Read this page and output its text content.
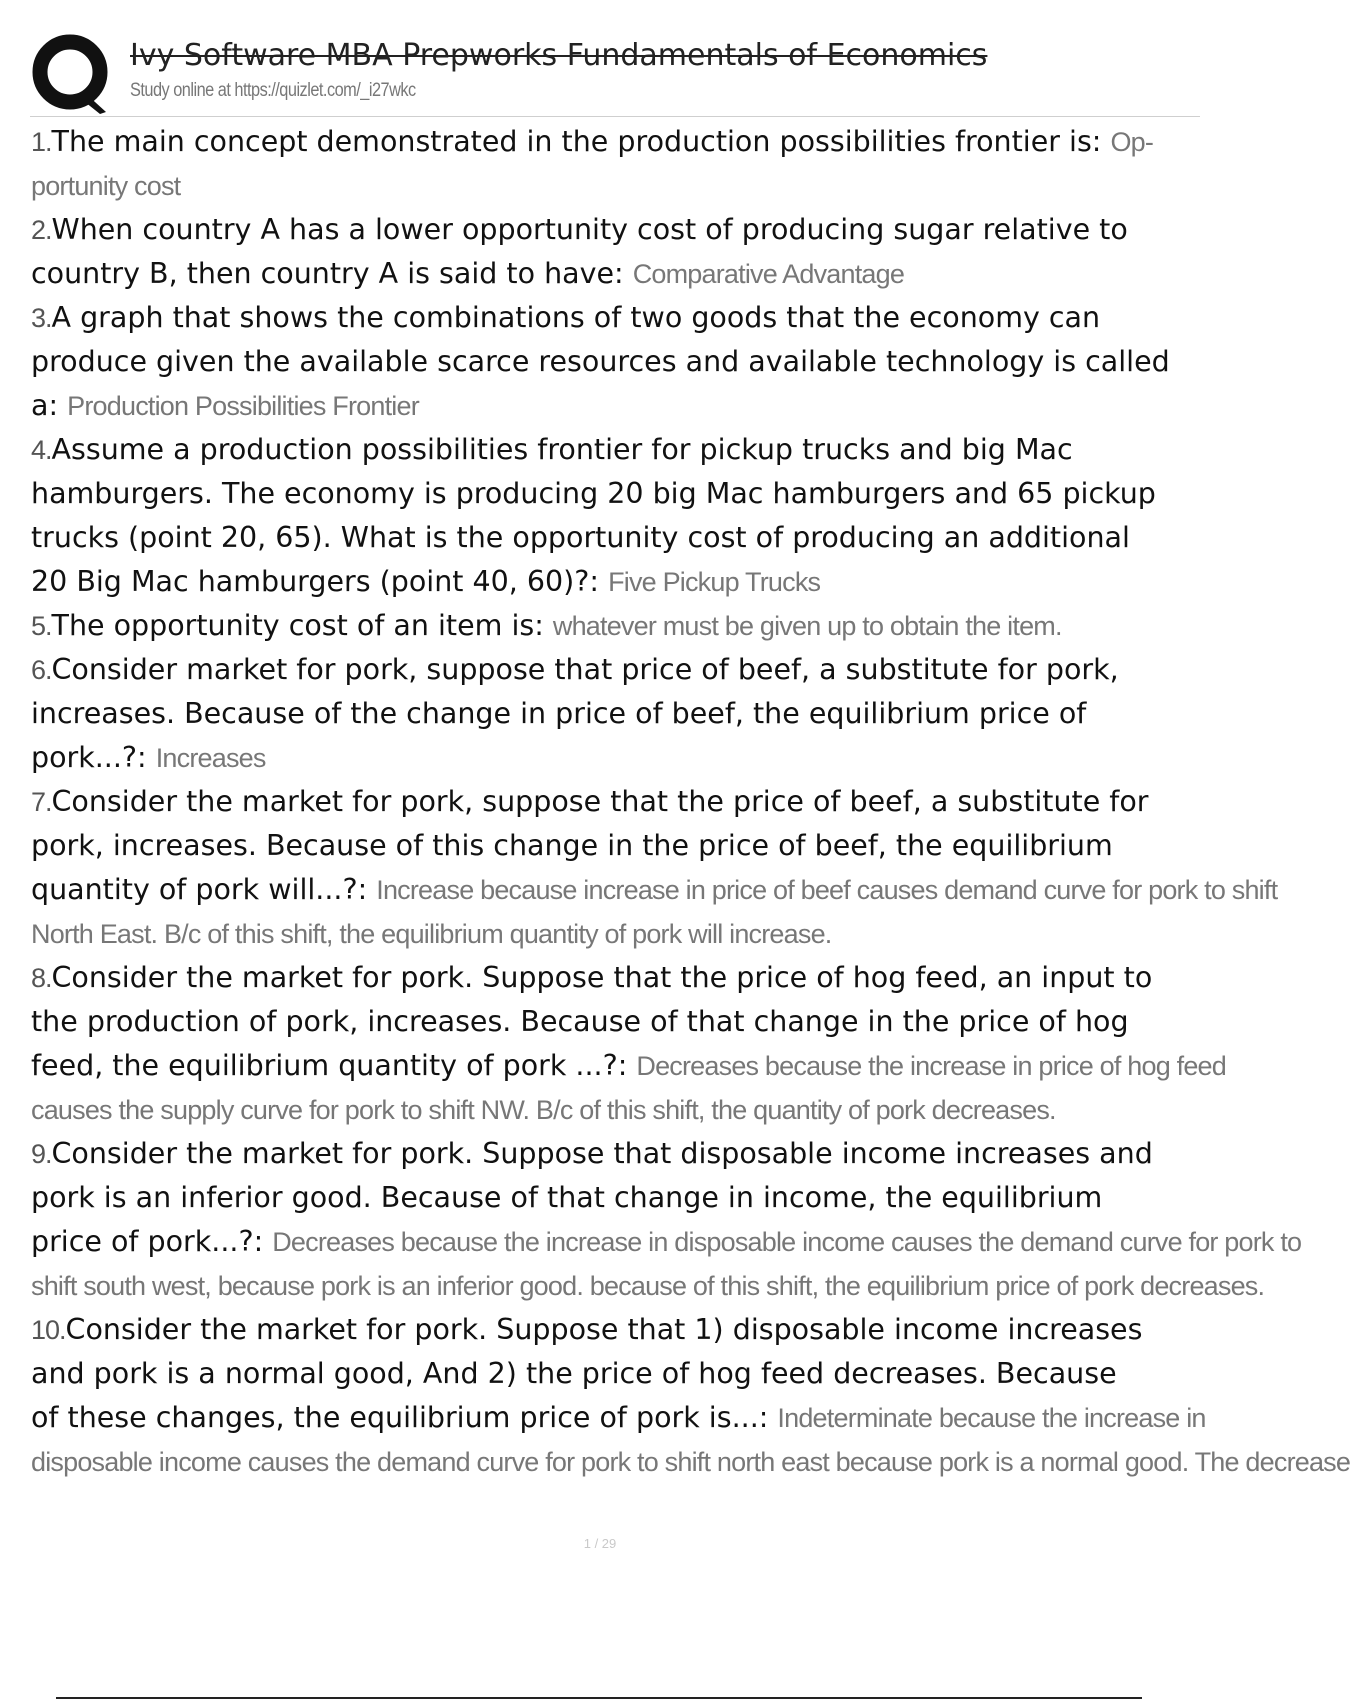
Ivy Software MBA Prepworks Fundamentals of Economics
Study online at https://quizlet.com/_i27wkc
1.The main concept demonstrated in the production possibilities frontier is: Op-
portunity cost
2.When country A has a lower opportunity cost of producing sugar relative to
country B, then country A is said to have: Comparative Advantage
3.A graph that shows the combinations of two goods that the economy can
produce given the available scarce resources and available technology is called
a: Production Possibilities Frontier
4.Assume a production possibilities frontier for pickup trucks and big Mac
hamburgers. The economy is producing 20 big Mac hamburgers and 65 pickup
trucks (point 20, 65). What is the opportunity cost of producing an additional
20 Big Mac hamburgers (point 40, 60)?: Five Pickup Trucks
5.The opportunity cost of an item is: whatever must be given up to obtain the item.
6.Consider market for pork, suppose that price of beef, a substitute for pork,
increases. Because of the change in price of beef, the equilibrium price of
pork...?: Increases
7.Consider the market for pork, suppose that the price of beef, a substitute for
pork, increases. Because of this change in the price of beef, the equilibrium
quantity of pork will...?: Increase because increase in price of beef causes demand curve for pork to shift
North East. B/c of this shift, the equilibrium quantity of pork will increase.
8.Consider the market for pork. Suppose that the price of hog feed, an input to
the production of pork, increases. Because of that change in the price of hog
feed, the equilibrium quantity of pork ...?: Decreases because the increase in price of hog feed
causes the supply curve for pork to shift NW. B/c of this shift, the quantity of pork decreases.
9.Consider the market for pork. Suppose that disposable income increases and
pork is an inferior good. Because of that change in income, the equilibrium
price of pork...?: Decreases because the increase in disposable income causes the demand curve for pork to
shift south west, because pork is an inferior good. because of this shift, the equilibrium price of pork decreases.
10.Consider the market for pork. Suppose that 1) disposable income increases
and pork is a normal good, And 2) the price of hog feed decreases. Because
of these changes, the equilibrium price of pork is...: Indeterminate because the increase in
disposable income causes the demand curve for pork to shift north east because pork is a normal good. The decrease
1 / 29
